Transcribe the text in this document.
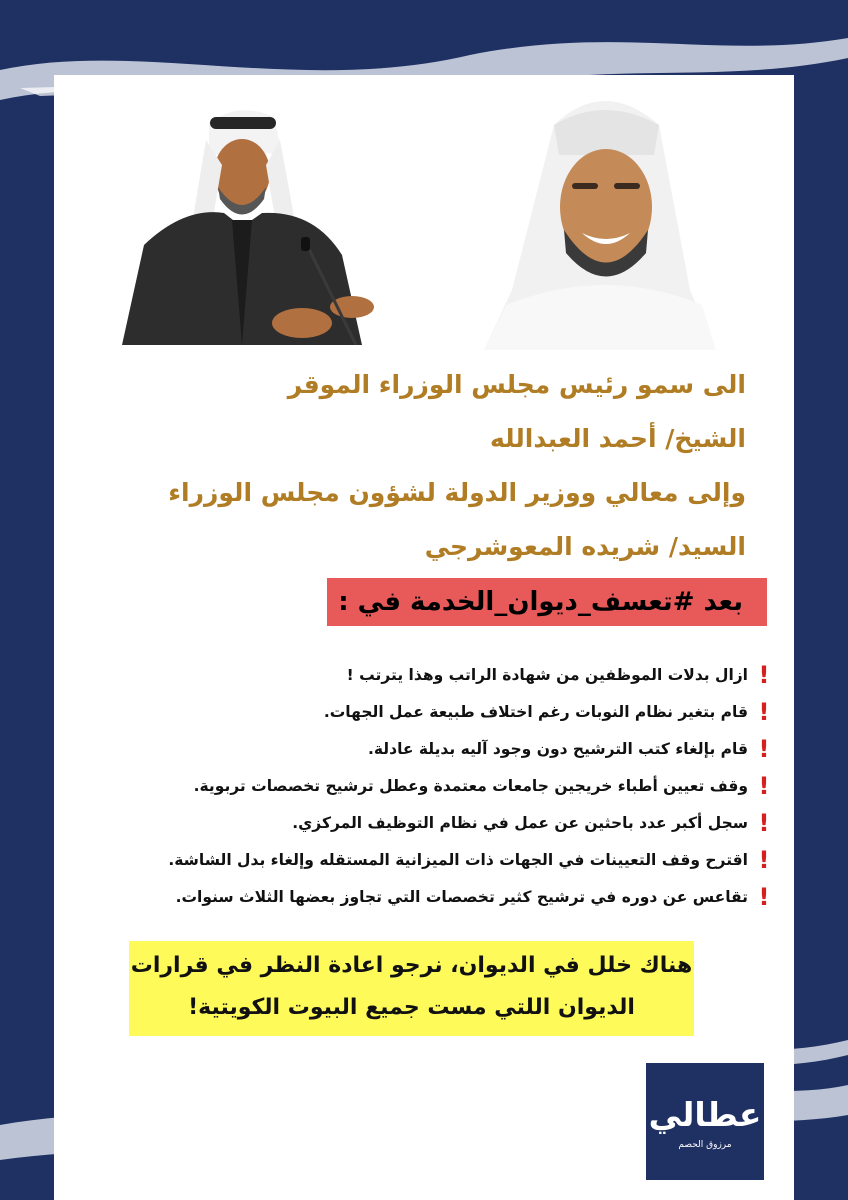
الى سمو رئيس مجلس الوزراء الموقر
الشيخ/ أحمد العبدالله
وإلى معالي ووزير الدولة لشؤون مجلس الوزراء
السيد/ شريده المعوشرجي
بعد #تعسف_ديوان_الخدمة في :
!
ازال بدلات الموظفين من شهادة الراتب وهذا يترتب !
!
قام بتغير نظام النوبات رغم اختلاف طبيعة عمل الجهات.
!
قام بإلغاء كتب الترشيح دون وجود آليه بديلة عادلة.
!
وقف تعيين أطباء خريجين جامعات معتمدة وعطل ترشيح تخصصات تربوية.
!
سجل أكبر عدد باحثين عن عمل في نظام التوظيف المركزي.
!
اقترح وقف التعيينات في الجهات ذات الميزانية المستقله وإلغاء بدل الشاشة.
!
تقاعس عن دوره في ترشيح كثير تخصصات التي تجاوز بعضها الثلاث سنوات.
هناك خلل في الديوان، نرجو اعادة النظر في قرارات
الديوان اللتي مست جميع البيوت الكويتية!
عطالي
مرزوق الحصم
